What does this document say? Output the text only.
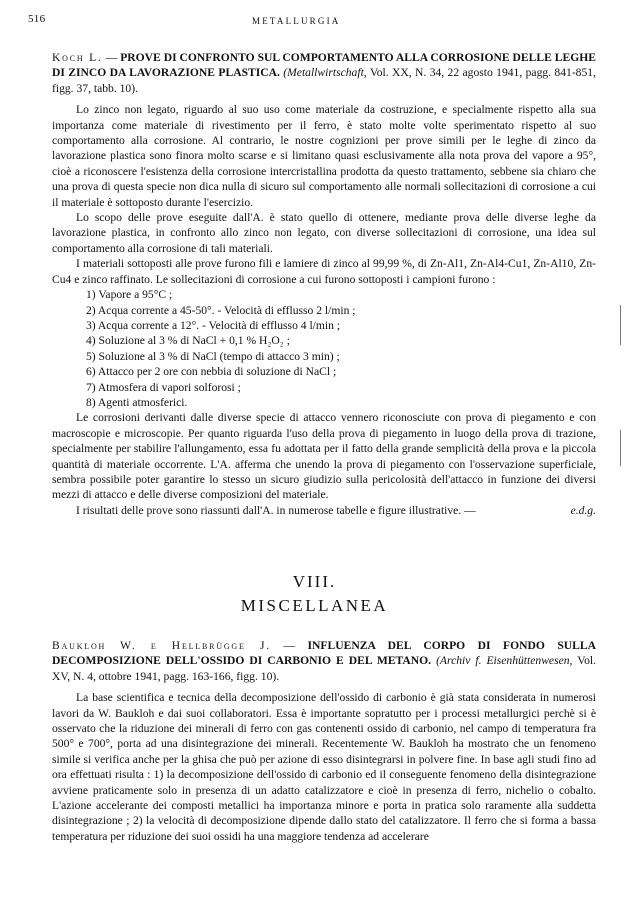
516	METALLURGIA

Koch L. — PROVE DI CONFRONTO SUL COMPORTAMENTO ALLA CORROSIONE DELLE LEGHE DI ZINCO DA LAVORAZIONE PLASTICA. (Metallwirtschaft, Vol. XX, N. 34, 22 agosto 1941, pagg. 841-851, figg. 37, tabb. 10).

Lo zinco non legato, riguardo al suo uso come materiale da costruzione, e specialmente rispetto alla sua importanza come materiale di rivestimento per il ferro, è stato molte volte sperimentato rispetto al suo comportamento alla corrosione. Al contrario, le nostre cognizioni per prove simili per le leghe di zinco da lavorazione plastica sono finora molto scarse e si limitano quasi esclusivamente alla nota prova del vapore a 95°, cioè a riconoscere l'esistenza della corrosione intercristallina prodotta da questo trattamento, sebbene sia chiaro che una prova di questa specie non dica nulla di sicuro sul comportamento alle normali sollecitazioni di corrosione a cui il materiale è sottoposto durante l'esercizio.

Lo scopo delle prove eseguite dall'A. è stato quello di ottenere, mediante prova delle diverse leghe da lavorazione plastica, in confronto allo zinco non legato, con diverse sollecitazioni di corrosione, una idea sul comportamento alla corrosione di tali materiali.

I materiali sottoposti alle prove furono fili e lamiere di zinco al 99,99 %, di Zn-Al1, Zn-Al4-Cu1, Zn-Al10, Zn-Cu4 e zinco raffinato. Le sollecitazioni di corrosione a cui furono sottoposti i campioni furono :

1) Vapore a 95°C ;
2) Acqua corrente a 45-50°. - Velocità di efflusso 2 l/min ;
3) Acqua corrente a 12°. - Velocità di efflusso 4 l/min ;
4) Soluzione al 3 % di NaCl + 0,1 % H₂O₂ ;
5) Soluzione al 3 % di NaCl (tempo di attacco 3 min) ;
6) Attacco per 2 ore con nebbia di soluzione di NaCl ;
7) Atmosfera di vapori solforosi ;
8) Agenti atmosferici.

Le corrosioni derivanti dalle diverse specie di attacco vennero riconosciute con prova di piegamento e con macroscopie e microscopie. Per quanto riguarda l'uso della prova di piegamento in luogo della prova di trazione, specialmente per stabilire l'allungamento, essa fu adottata per il fatto della grande semplicità della prova e la piccola quantità di materiale occorrente. L'A. afferma che unendo la prova di piegamento con l'osservazione superficiale, sembra possibile poter garantire lo stesso un sicuro giudizio sulla pericolosità dell'attacco in funzione dei diversi mezzi di attacco e delle diverse composizioni del materiale.

I risultati delle prove sono riassunti dall'A. in numerose tabelle e figure illustrative. —	e.d.g.

VIII.
MISCELLANEA

Baukloh W. e Hellbrügge J. — INFLUENZA DEL CORPO DI FONDO SULLA DECOMPOSIZIONE DELL'OSSIDO DI CARBONIO E DEL METANO. (Archiv f. Eisenhüttenwesen, Vol. XV, N. 4, ottobre 1941, pagg. 163-166, figg. 10).

La base scientifica e tecnica della decomposizione dell'ossido di carbonio è già stata considerata in numerosi lavori da W. Baukloh e dai suoi collaboratori. Essa è importante sopratutto per i processi metallurgici perchè si è osservato che la riduzione dei minerali di ferro con gas contenenti ossido di carbonio, nel campo di temperatura fra 500° e 700°, porta ad una disintegrazione dei minerali. Recentemente W. Baukloh ha mostrato che un fenomeno simile si verifica anche per la ghisa che può per azione di esso disintegrarsi in polvere fine. In base agli studi fino ad ora effettuati risulta : 1) la decomposizione dell'ossido di carbonio ed il conseguente fenomeno della disintegrazione avviene praticamente solo in presenza di un adatto catalizzatore e cioè in presenza di ferro, nichelio o cobalto. L'azione accelerante dei composti metallici ha importanza minore e porta in pratica solo raramente alla suddetta disintegrazione ; 2) la velocità di decomposizione dipende dallo stato del catalizzatore. Il ferro che si forma a bassa temperatura per riduzione dei suoi ossidi ha una maggiore tendenza ad accelerare
